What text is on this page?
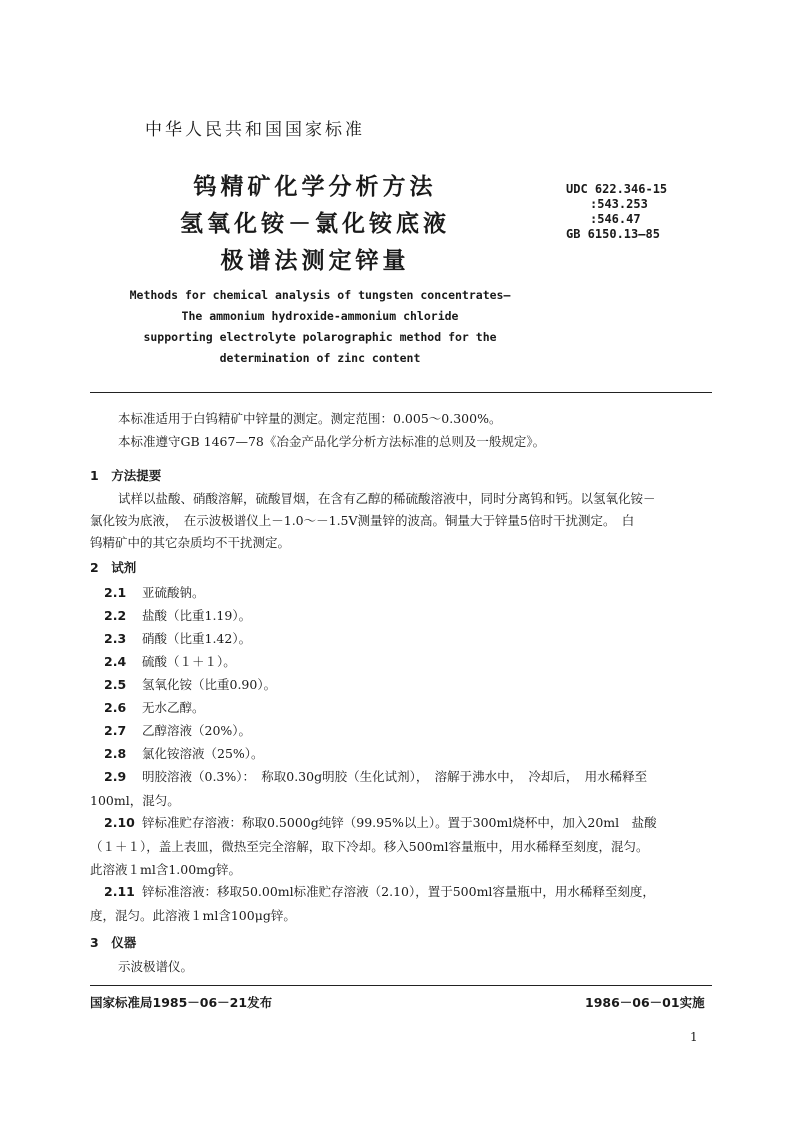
中华人民共和国国家标准
钨精矿化学分析方法
氢氧化铵－氯化铵底液
极谱法测定锌量
UDC 622.346-15
:543.253
:546.47
GB 6150.13—85
Methods for chemical analysis of tungsten concentrates—
The ammonium hydroxide-ammonium chloride
supporting electrolyte polarographic method for the
determination of zinc content
本标准适用于白钨精矿中锌量的测定。测定范围：0.005～0.300%。
本标准遵守GB 1467—78《冶金产品化学分析方法标准的总则及一般规定》。
1　方法提要
试样以盐酸、硝酸溶解，硫酸冒烟，在含有乙醇的稀硫酸溶液中，同时分离钨和钙。以氢氧化铵－
氯化铵为底液，　在示波极谱仪上－1.0～－1.5V测量锌的波高。铜量大于锌量5倍时干扰测定。　白
钨精矿中的其它杂质均不干扰测定。
2　试剂
2.1 亚硫酸钠。
2.2 盐酸（比重1.19）。
2.3 硝酸（比重1.42）。
2.4 硫酸（１＋１）。
2.5 氢氧化铵（比重0.90）。
2.6 无水乙醇。
2.7 乙醇溶液（20%）。
2.8 氯化铵溶液（25%）。
2.9 明胶溶液（0.3%）：　称取0.30g明胶（生化试剂），　溶解于沸水中，　冷却后，　用水稀释至
100ml，混匀。
2.10 锌标准贮存溶液：称取0.5000g纯锌（99.95%以上）。置于300ml烧杯中，加入20ml　盐酸
（１＋１），盖上表皿，微热至完全溶解，取下冷却。移入500ml容量瓶中，用水稀释至刻度，混匀。
此溶液１ml含1.00mg锌。
2.11 锌标准溶液：移取50.00ml标准贮存溶液（2.10），置于500ml容量瓶中，用水稀释至刻度，
度，混匀。此溶液１ml含100μg锌。
3　仪器
示波极谱仪。
国家标准局1985－06－21发布	1986－06－01实施
1
